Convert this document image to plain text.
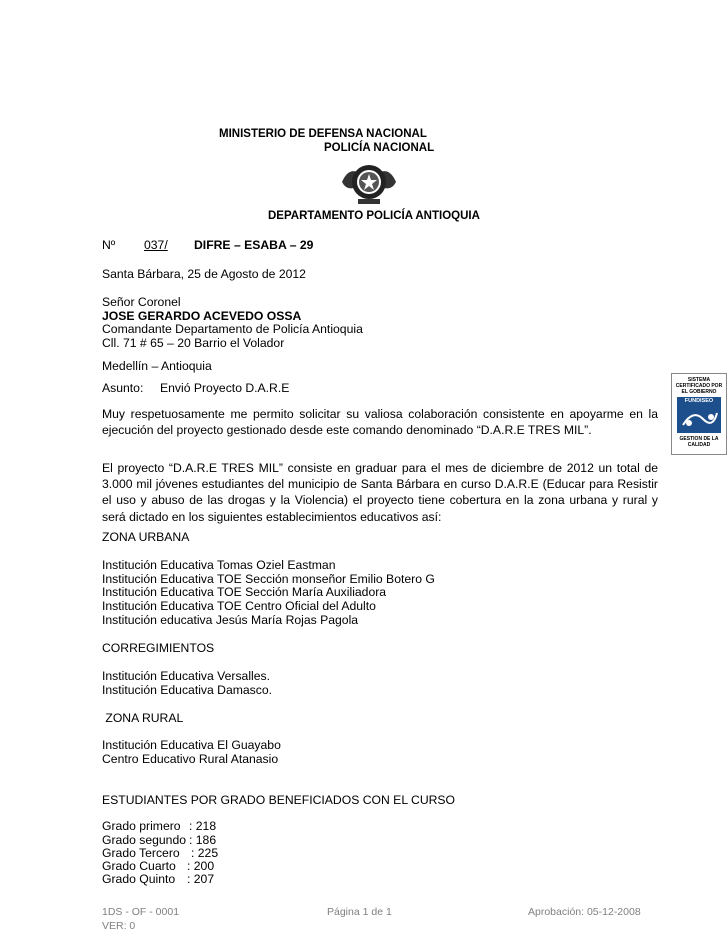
MINISTERIO DE DEFENSA NACIONAL
POLICÍA NACIONAL
DEPARTAMENTO POLICÍA ANTIOQUIA
Nº 037/ DIFRE – ESABA – 29
Santa Bárbara, 25 de Agosto de 2012
Señor Coronel
JOSE GERARDO ACEVEDO OSSA
Comandante Departamento de Policía Antioquia
Cll. 71 # 65 – 20 Barrio el Volador
Medellín – Antioquia
Asunto: Envió Proyecto D.A.R.E
SISTEMA CERTIFICADO POR EL GOBIERNO
FUNDISEO
GESTION DE LA CALIDAD
Muy respetuosamente me permito solicitar su valiosa colaboración consistente en apoyarme en la ejecución del proyecto gestionado desde este comando denominado “D.A.R.E TRES MIL”.
El proyecto “D.A.R.E TRES MIL” consiste en graduar para el mes de diciembre de 2012 un total de 3.000 mil jóvenes estudiantes del municipio de Santa Bárbara en curso D.A.R.E (Educar para Resistir el uso y abuso de las drogas y la Violencia) el proyecto tiene cobertura en la zona urbana y rural y será dictado en los siguientes establecimientos educativos así:
ZONA URBANA
Institución Educativa Tomas Oziel Eastman
Institución Educativa TOE Sección monseñor Emilio Botero G
Institución Educativa TOE Sección María Auxiliadora
Institución Educativa TOE Centro Oficial del Adulto
Institución educativa Jesús María Rojas Pagola
CORREGIMIENTOS
Institución Educativa Versalles.
Institución Educativa Damasco.
ZONA RURAL
Institución Educativa El Guayabo
Centro Educativo Rural Atanasio
ESTUDIANTES POR GRADO BENEFICIADOS CON EL CURSO
Grado primero : 218
Grado segundo : 186
Grado Tercero : 225
Grado Cuarto : 200
Grado Quinto : 207
1DS - OF - 0001	Página 1 de 1	Aprobación: 05-12-2008
VER: 0
